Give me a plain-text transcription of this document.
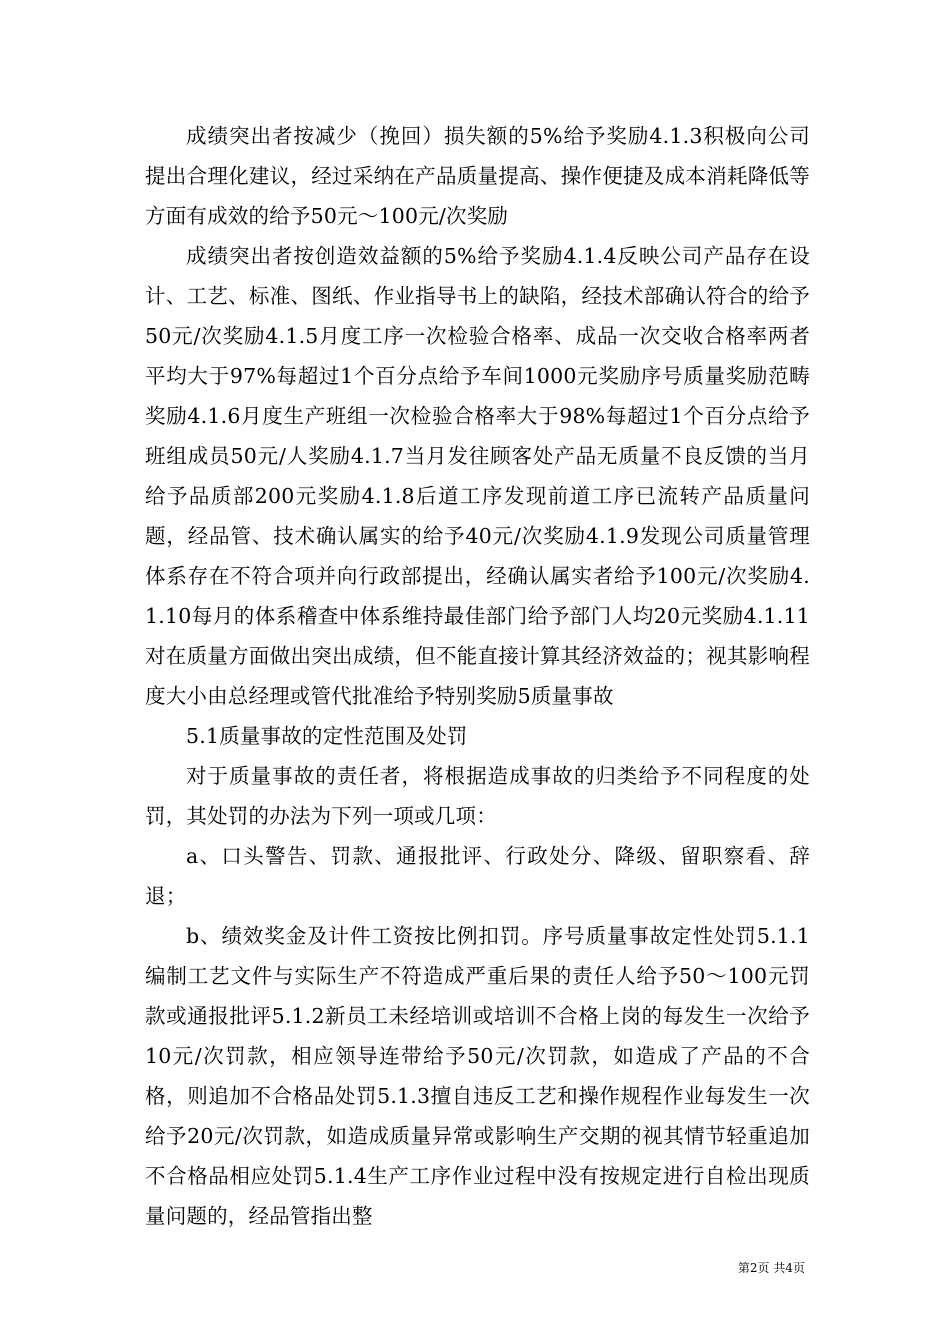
成绩突出者按减少（挽回）损失额的5%给予奖励4.1.3积极向公司提出合理化建议，经过采纳在产品质量提高、操作便捷及成本消耗降低等方面有成效的给予50元～100元/次奖励

成绩突出者按创造效益额的5%给予奖励4.1.4反映公司产品存在设计、工艺、标准、图纸、作业指导书上的缺陷，经技术部确认符合的给予50元/次奖励4.1.5月度工序一次检验合格率、成品一次交收合格率两者平均大于97%每超过1个百分点给予车间1000元奖励序号质量奖励范畴奖励4.1.6月度生产班组一次检验合格率大于98%每超过1个百分点给予班组成员50元/人奖励4.1.7当月发往顾客处产品无质量不良反馈的当月给予品质部200元奖励4.1.8后道工序发现前道工序已流转产品质量问题，经品管、技术确认属实的给予40元/次奖励4.1.9发现公司质量管理体系存在不符合项并向行政部提出，经确认属实者给予100元/次奖励4.1.10每月的体系稽查中体系维持最佳部门给予部门人均20元奖励4.1.11对在质量方面做出突出成绩，但不能直接计算其经济效益的；视其影响程度大小由总经理或管代批准给予特别奖励5质量事故

5.1质量事故的定性范围及处罚

对于质量事故的责任者，将根据造成事故的归类给予不同程度的处罚，其处罚的办法为下列一项或几项：

a、口头警告、罚款、通报批评、行政处分、降级、留职察看、辞退；

b、绩效奖金及计件工资按比例扣罚。序号质量事故定性处罚5.1.1编制工艺文件与实际生产不符造成严重后果的责任人给予50～100元罚款或通报批评5.1.2新员工未经培训或培训不合格上岗的每发生一次给予10元/次罚款，相应领导连带给予50元/次罚款，如造成了产品的不合格，则追加不合格品处罚5.1.3擅自违反工艺和操作规程作业每发生一次给予20元/次罚款，如造成质量异常或影响生产交期的视其情节轻重追加不合格品相应处罚5.1.4生产工序作业过程中没有按规定进行自检出现质量问题的，经品管指出整

第2页 共4页
